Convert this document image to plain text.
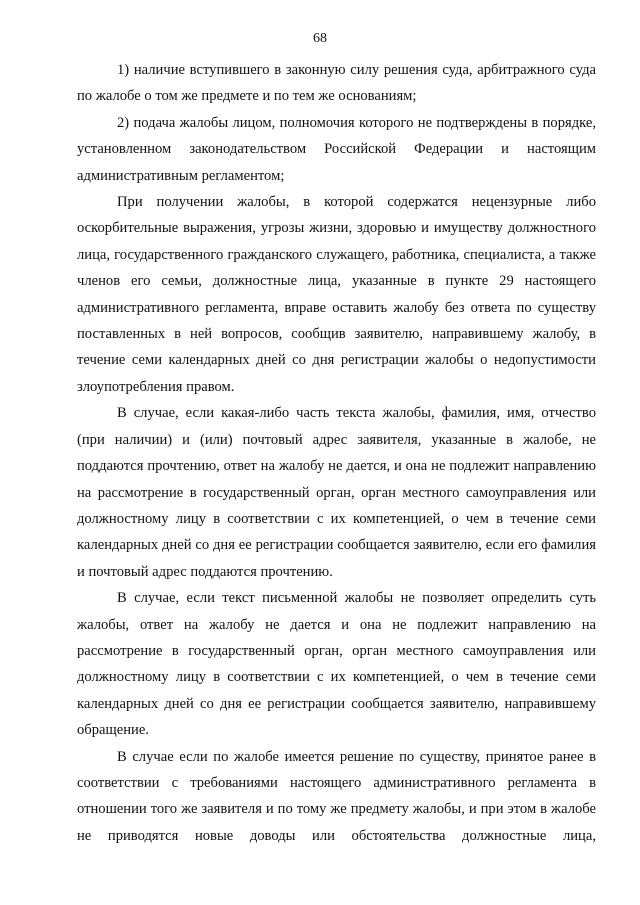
68

1) наличие вступившего в законную силу решения суда, арбитражного суда по жалобе о том же предмете и по тем же основаниям;

2) подача жалобы лицом, полномочия которого не подтверждены в порядке, установленном законодательством Российской Федерации и настоящим административным регламентом;

При получении жалобы, в которой содержатся нецензурные либо оскорбительные выражения, угрозы жизни, здоровью и имуществу должностного лица, государственного гражданского служащего, работника, специалиста, а также членов его семьи, должностные лица, указанные в пункте 29 настоящего административного регламента, вправе оставить жалобу без ответа по существу поставленных в ней вопросов, сообщив заявителю, направившему жалобу, в течение семи календарных дней со дня регистрации жалобы о недопустимости злоупотребления правом.

В случае, если какая-либо часть текста жалобы, фамилия, имя, отчество (при наличии) и (или) почтовый адрес заявителя, указанные в жалобе, не поддаются прочтению, ответ на жалобу не дается, и она не подлежит направлению на рассмотрение в государственный орган, орган местного самоуправления или должностному лицу в соответствии с их компетенцией, о чем в течение семи календарных дней со дня ее регистрации сообщается заявителю, если его фамилия и почтовый адрес поддаются прочтению.

В случае, если текст письменной жалобы не позволяет определить суть жалобы, ответ на жалобу не дается и она не подлежит направлению на рассмотрение в государственный орган, орган местного самоуправления или должностному лицу в соответствии с их компетенцией, о чем в течение семи календарных дней со дня ее регистрации сообщается заявителю, направившему обращение.

В случае если по жалобе имеется решение по существу, принятое ранее в соответствии с требованиями настоящего административного регламента в отношении того же заявителя и по тому же предмету жалобы, и при этом в жалобе не приводятся новые доводы или обстоятельства должностные лица,
